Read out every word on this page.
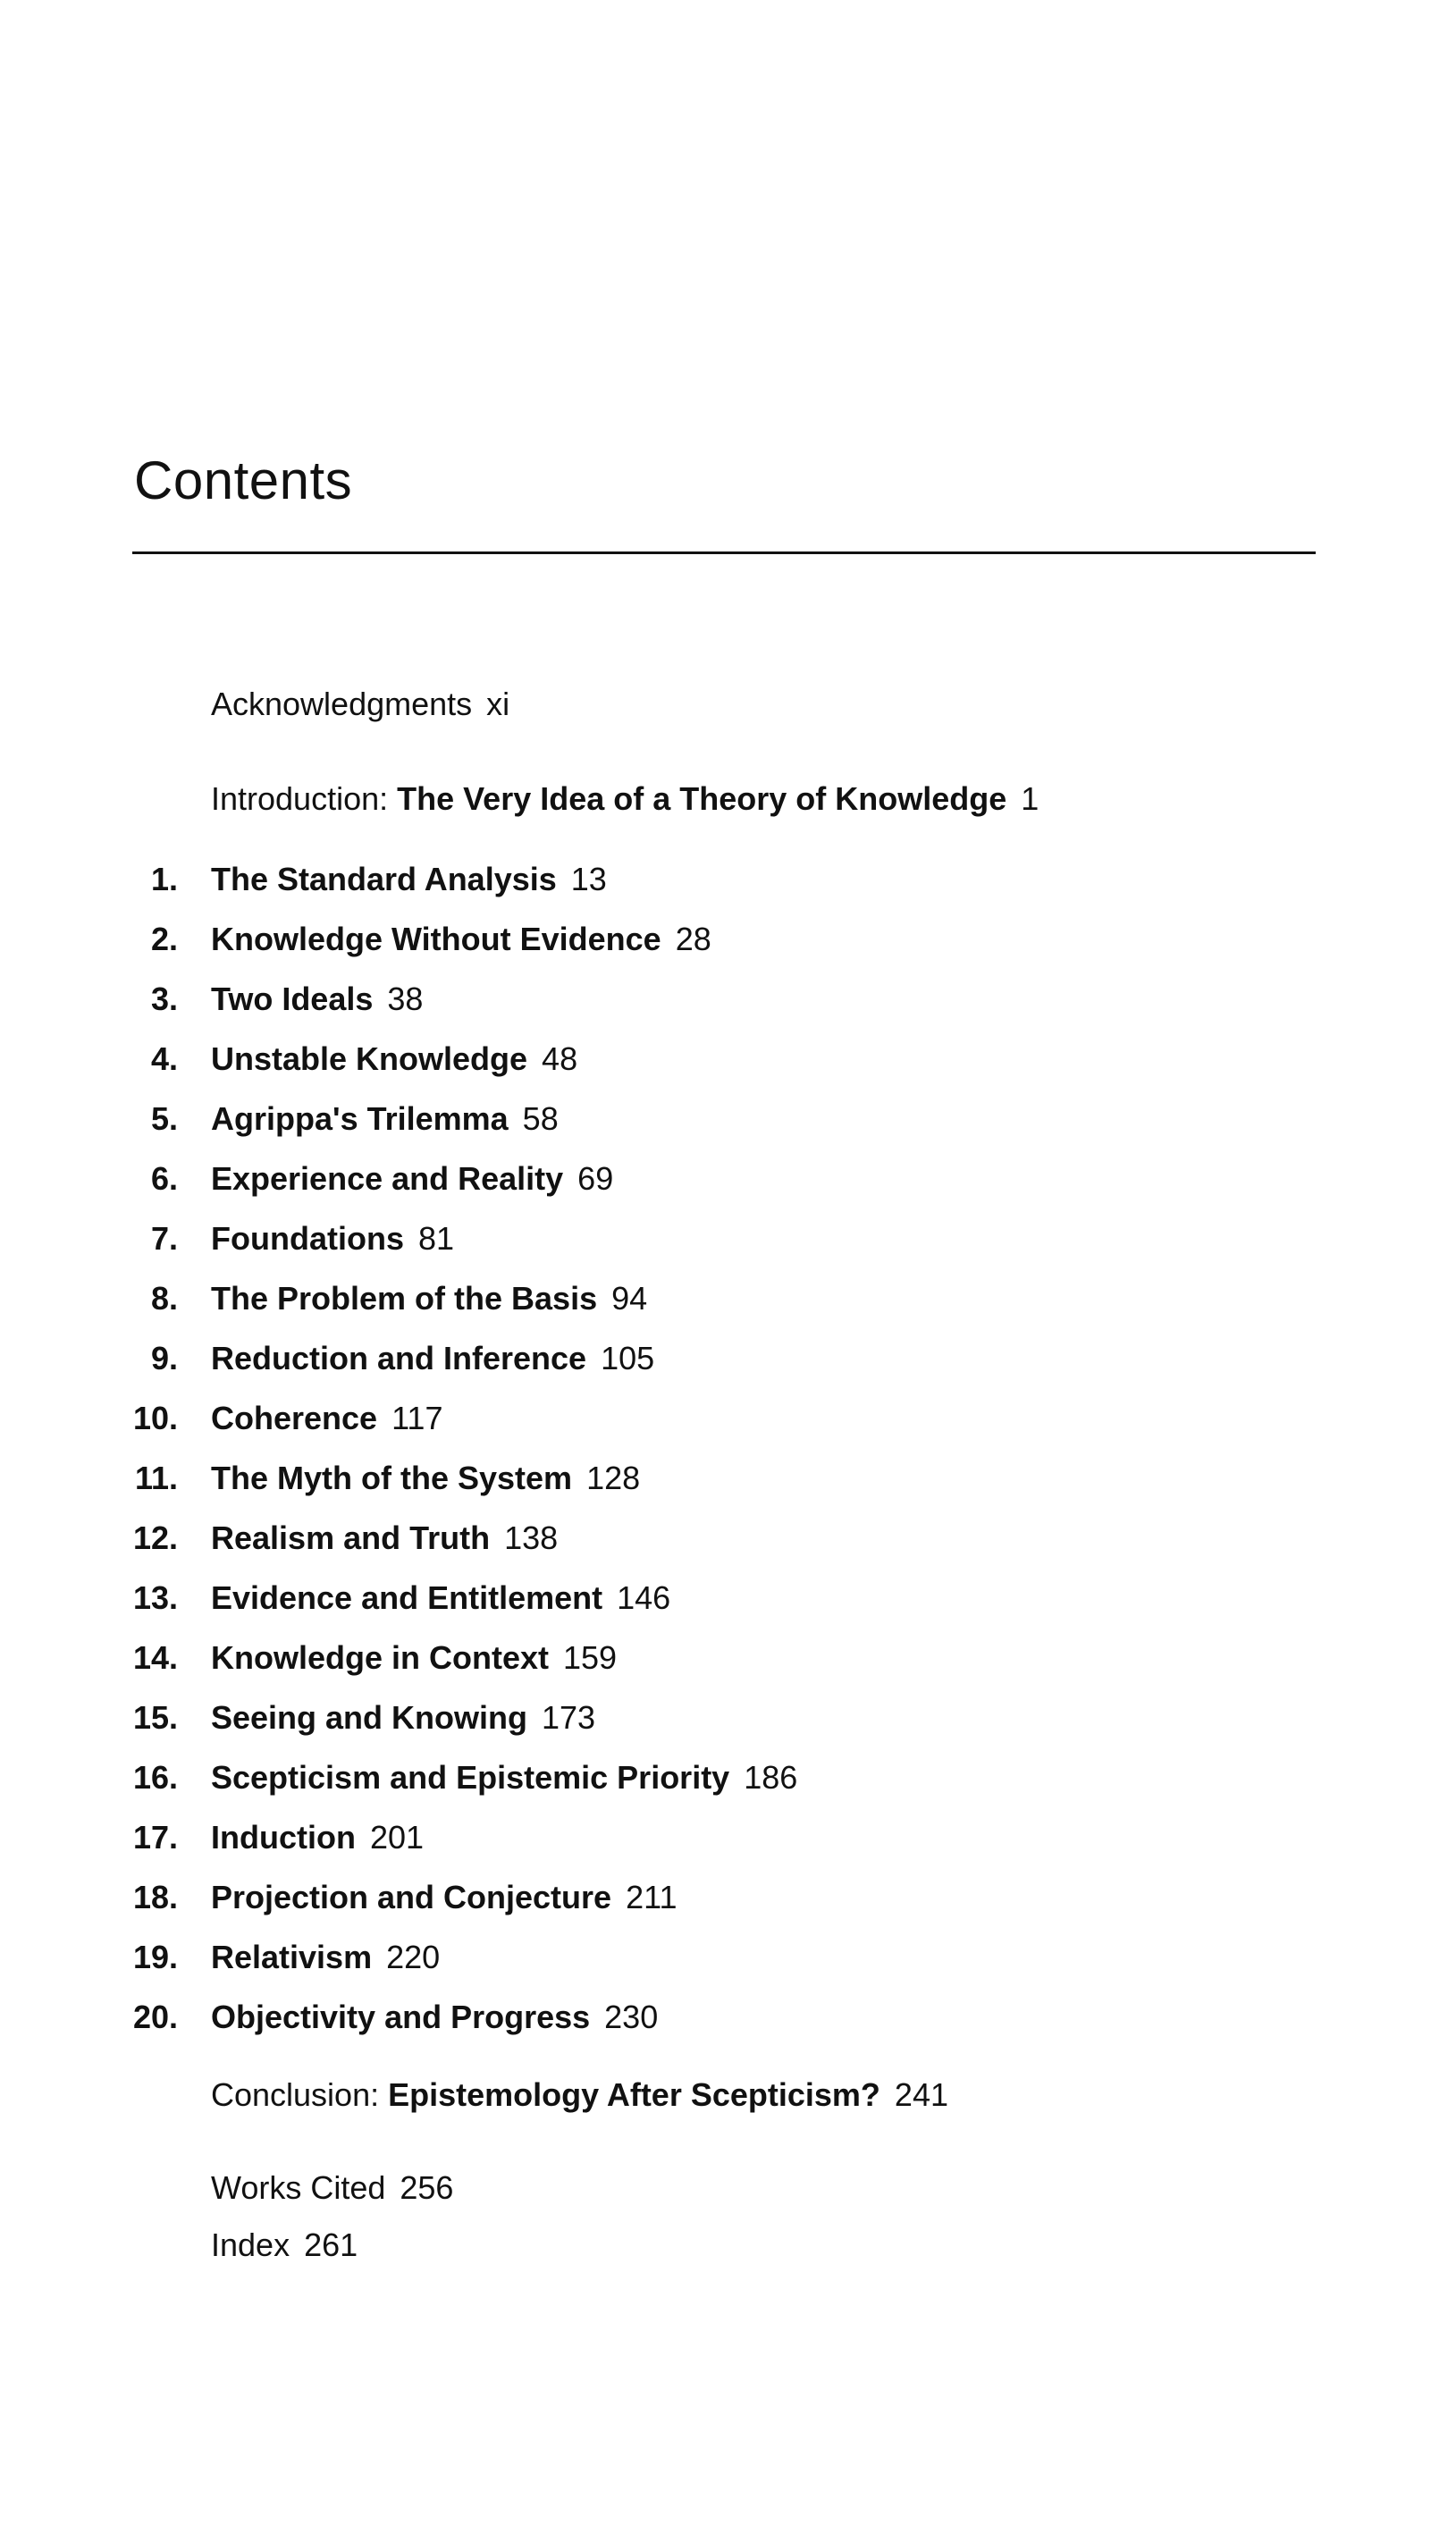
Contents
Acknowledgments xi
Introduction: The Very Idea of a Theory of Knowledge 1
1. The Standard Analysis 13
2. Knowledge Without Evidence 28
3. Two Ideals 38
4. Unstable Knowledge 48
5. Agrippa's Trilemma 58
6. Experience and Reality 69
7. Foundations 81
8. The Problem of the Basis 94
9. Reduction and Inference 105
10. Coherence 117
11. The Myth of the System 128
12. Realism and Truth 138
13. Evidence and Entitlement 146
14. Knowledge in Context 159
15. Seeing and Knowing 173
16. Scepticism and Epistemic Priority 186
17. Induction 201
18. Projection and Conjecture 211
19. Relativism 220
20. Objectivity and Progress 230
Conclusion: Epistemology After Scepticism? 241
Works Cited 256
Index 261
